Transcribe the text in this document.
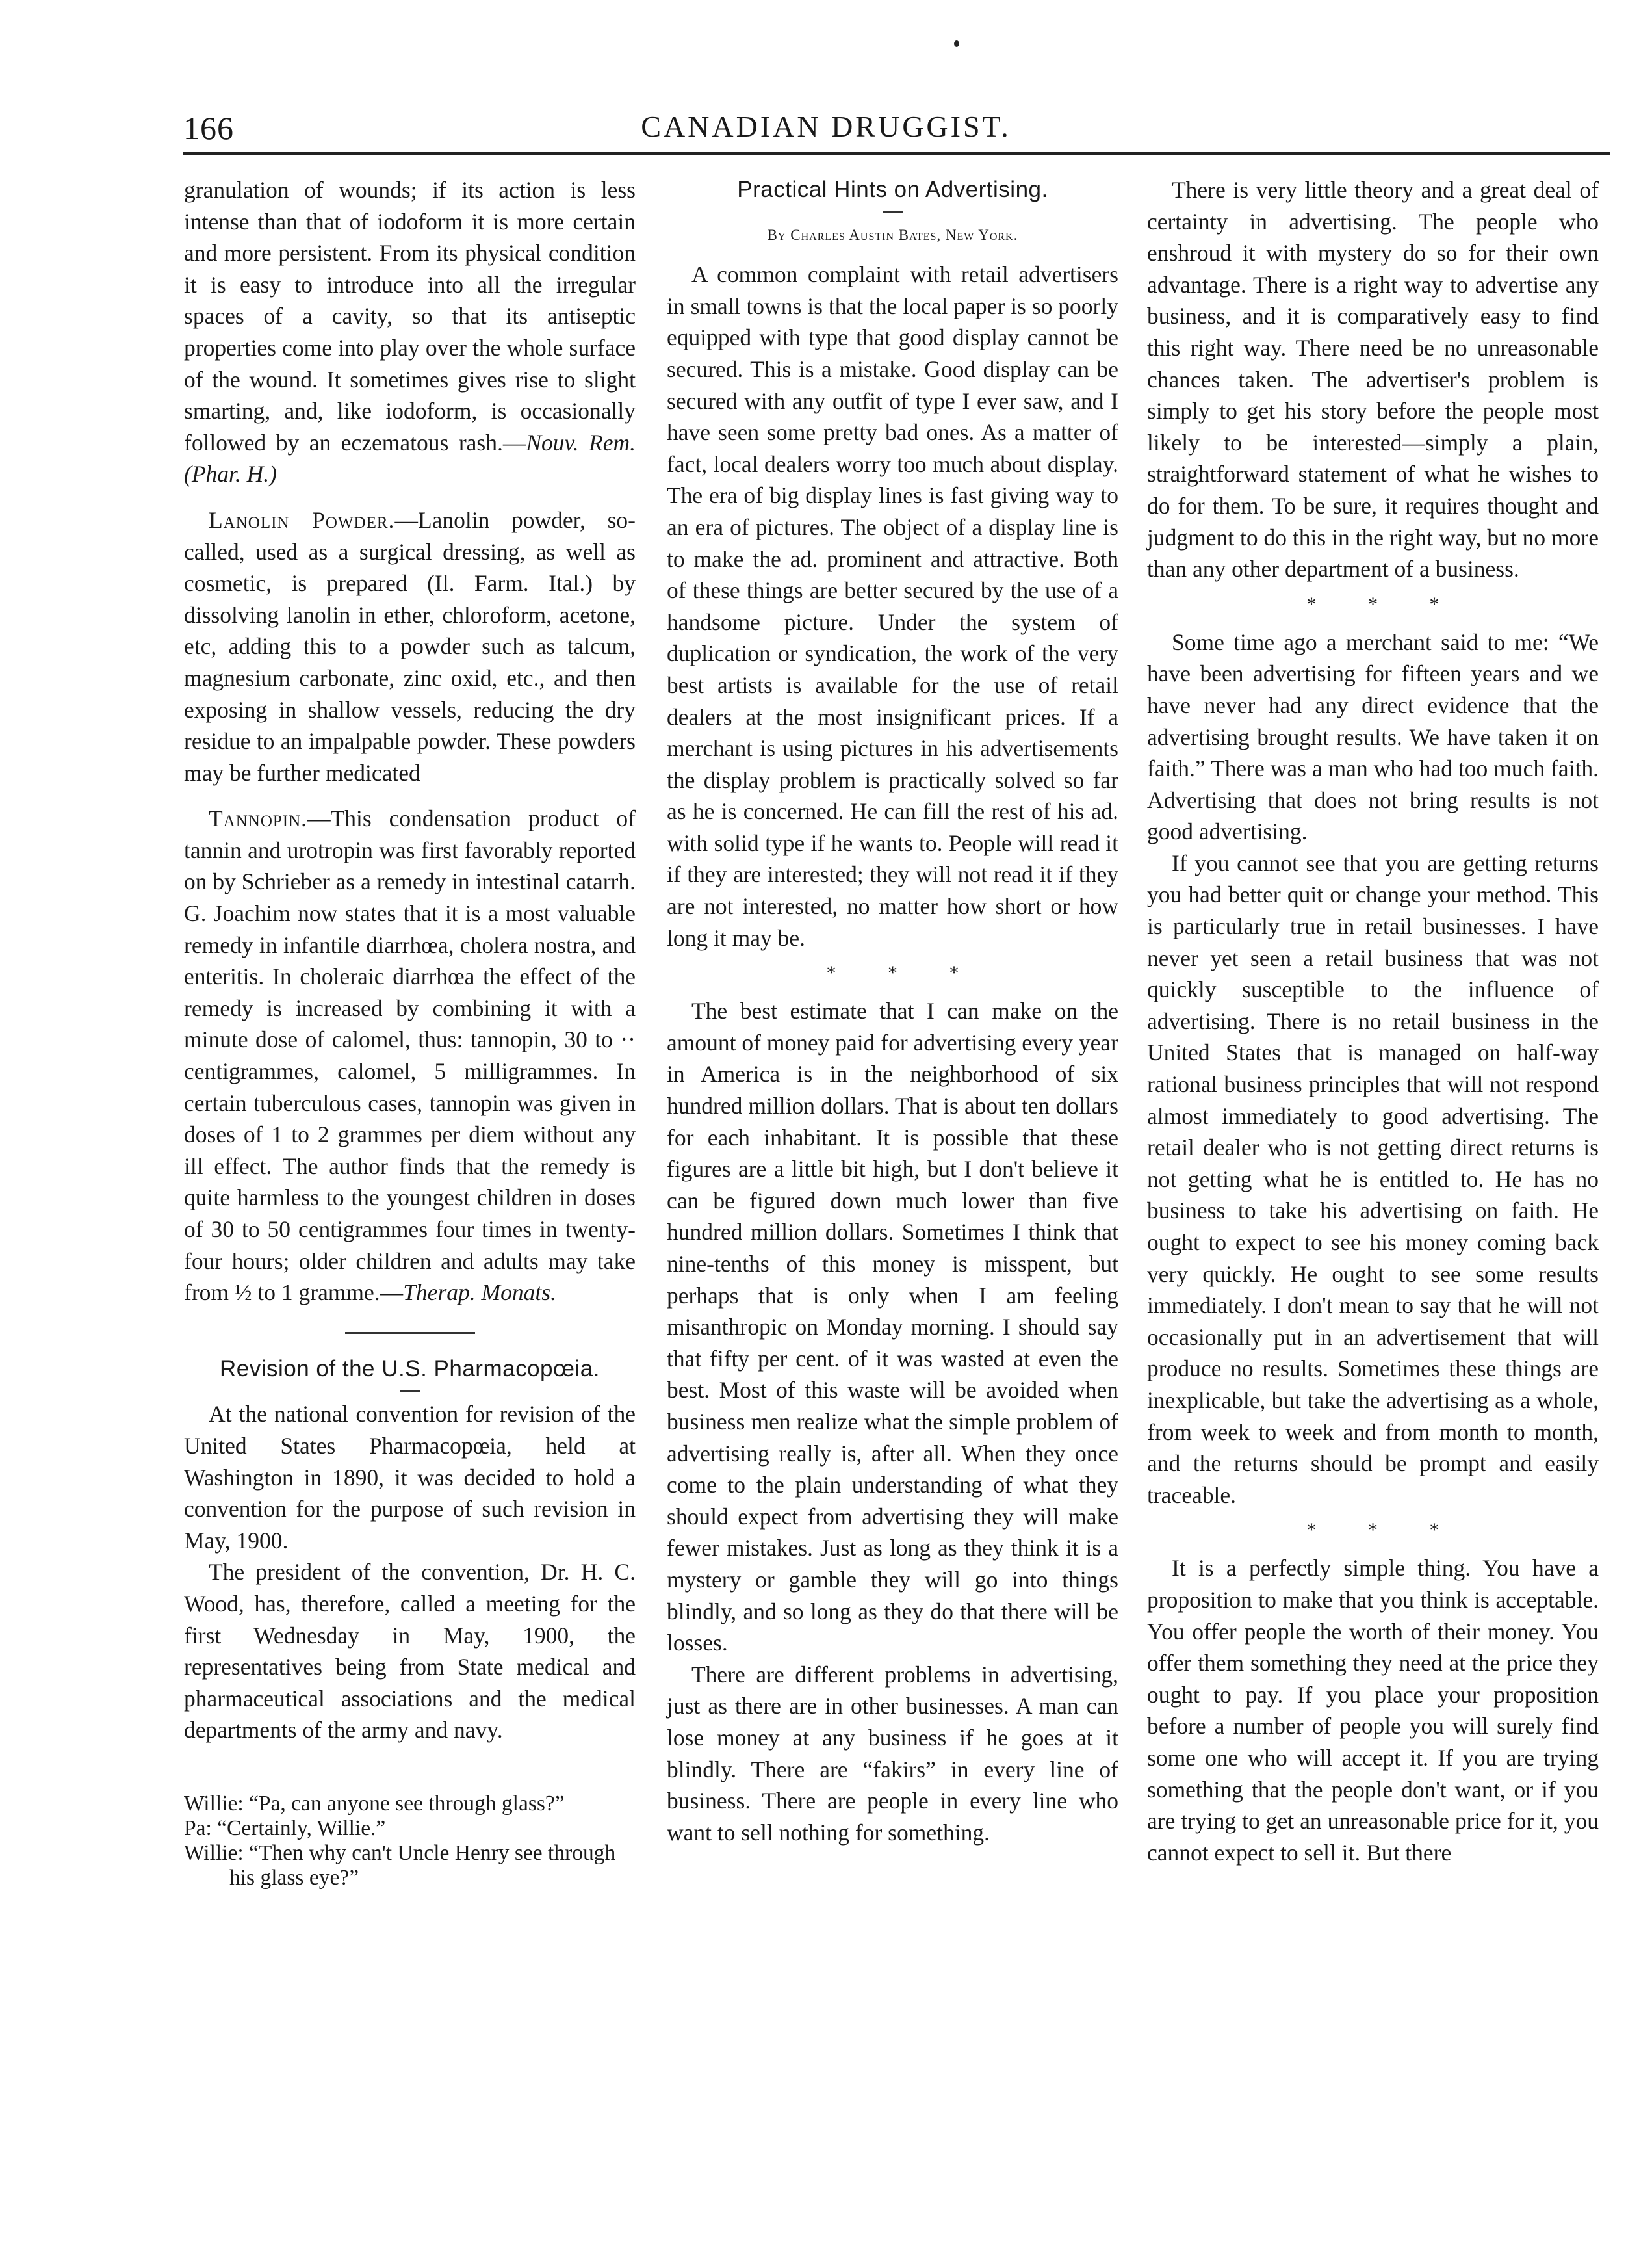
166	CANADIAN DRUGGIST.

granulation of wounds; if its action is less intense than that of iodoform it is more certain and more persistent. From its physical condition it is easy to introduce into all the irregular spaces of a cavity, so that its antiseptic properties come into play over the whole surface of the wound. It sometimes gives rise to slight smarting, and, like iodoform, is occasionally followed by an eczematous rash.—Nouv. Rem. (Phar. H.)

Lanolin Powder.—Lanolin powder, so-called, used as a surgical dressing, as well as cosmetic, is prepared (Il. Farm. Ital.) by dissolving lanolin in ether, chloroform, acetone, etc, adding this to a powder such as talcum, magnesium carbonate, zinc oxid, etc., and then exposing in shallow vessels, reducing the dry residue to an impalpable powder. These powders may be further medicated

Tannopin.—This condensation product of tannin and urotropin was first favorably reported on by Schrieber as a remedy in intestinal catarrh. G. Joachim now states that it is a most valuable remedy in infantile diarrhœa, cholera nostra, and enteritis. In choleraic diarrhœa the effect of the remedy is increased by combining it with a minute dose of calomel, thus: tannopin, 30 to ·· centigrammes, calomel, 5 milligrammes. In certain tuberculous cases, tannopin was given in doses of 1 to 2 grammes per diem without any ill effect. The author finds that the remedy is quite harmless to the youngest children in doses of 30 to 50 centigrammes four times in twenty-four hours; older children and adults may take from ½ to 1 gramme.—Therap. Monats.

Revision of the U.S. Pharmacopœia.

At the national convention for revision of the United States Pharmacopœia, held at Washington in 1890, it was decided to hold a convention for the purpose of such revision in May, 1900.

The president of the convention, Dr. H. C. Wood, has, therefore, called a meeting for the first Wednesday in May, 1900, the representatives being from State medical and pharmaceutical associations and the medical departments of the army and navy.

Willie: “Pa, can anyone see through glass?”
Pa: “Certainly, Willie.”
Willie: “Then why can't Uncle Henry see through his glass eye?”
Practical Hints on Advertising.
By Charles Austin Bates, New York.

A common complaint with retail advertisers in small towns is that the local paper is so poorly equipped with type that good display cannot be secured. This is a mistake. Good display can be secured with any outfit of type I ever saw, and I have seen some pretty bad ones. As a matter of fact, local dealers worry too much about display. The era of big display lines is fast giving way to an era of pictures. The object of a display line is to make the ad. prominent and attractive. Both of these things are better secured by the use of a handsome picture. Under the system of duplication or syndication, the work of the very best artists is available for the use of retail dealers at the most insignificant prices. If a merchant is using pictures in his advertisements the display problem is practically solved so far as he is concerned. He can fill the rest of his ad. with solid type if he wants to. People will read it if they are interested; they will not read it if they are not interested, no matter how short or how long it may be.

* * *

The best estimate that I can make on the amount of money paid for advertising every year in America is in the neighborhood of six hundred million dollars. That is about ten dollars for each inhabitant. It is possible that these figures are a little bit high, but I don't believe it can be figured down much lower than five hundred million dollars. Sometimes I think that nine-tenths of this money is misspent, but perhaps that is only when I am feeling misanthropic on Monday morning. I should say that fifty per cent. of it was wasted at even the best. Most of this waste will be avoided when business men realize what the simple problem of advertising really is, after all. When they once come to the plain understanding of what they should expect from advertising they will make fewer mistakes. Just as long as they think it is a mystery or gamble they will go into things blindly, and so long as they do that there will be losses.

There are different problems in advertising, just as there are in other businesses. A man can lose money at any business if he goes at it blindly. There are “fakirs” in every line of business. There are people in every line who want to sell nothing for something.

There is very little theory and a great deal of certainty in advertising. The people who enshroud it with mystery do so for their own advantage. There is a right way to advertise any business, and it is comparatively easy to find this right way. There need be no unreasonable chances taken. The advertiser's problem is simply to get his story before the people most likely to be interested—simply a plain, straightforward statement of what he wishes to do for them. To be sure, it requires thought and judgment to do this in the right way, but no more than any other department of a business.

* * *

Some time ago a merchant said to me: “We have been advertising for fifteen years and we have never had any direct evidence that the advertising brought results. We have taken it on faith.” There was a man who had too much faith. Advertising that does not bring results is not good advertising.

If you cannot see that you are getting returns you had better quit or change your method. This is particularly true in retail businesses. I have never yet seen a retail business that was not quickly susceptible to the influence of advertising. There is no retail business in the United States that is managed on half-way rational business principles that will not respond almost immediately to good advertising. The retail dealer who is not getting direct returns is not getting what he is entitled to. He has no business to take his advertising on faith. He ought to expect to see his money coming back very quickly. He ought to see some results immediately. I don't mean to say that he will not occasionally put in an advertisement that will produce no results. Sometimes these things are inexplicable, but take the advertising as a whole, from week to week and from month to month, and the returns should be prompt and easily traceable.

* * *

It is a perfectly simple thing. You have a proposition to make that you think is acceptable. You offer people the worth of their money. You offer them something they need at the price they ought to pay. If you place your proposition before a number of people you will surely find some one who will accept it. If you are trying something that the people don't want, or if you are trying to get an unreasonable price for it, you cannot expect to sell it. But there
